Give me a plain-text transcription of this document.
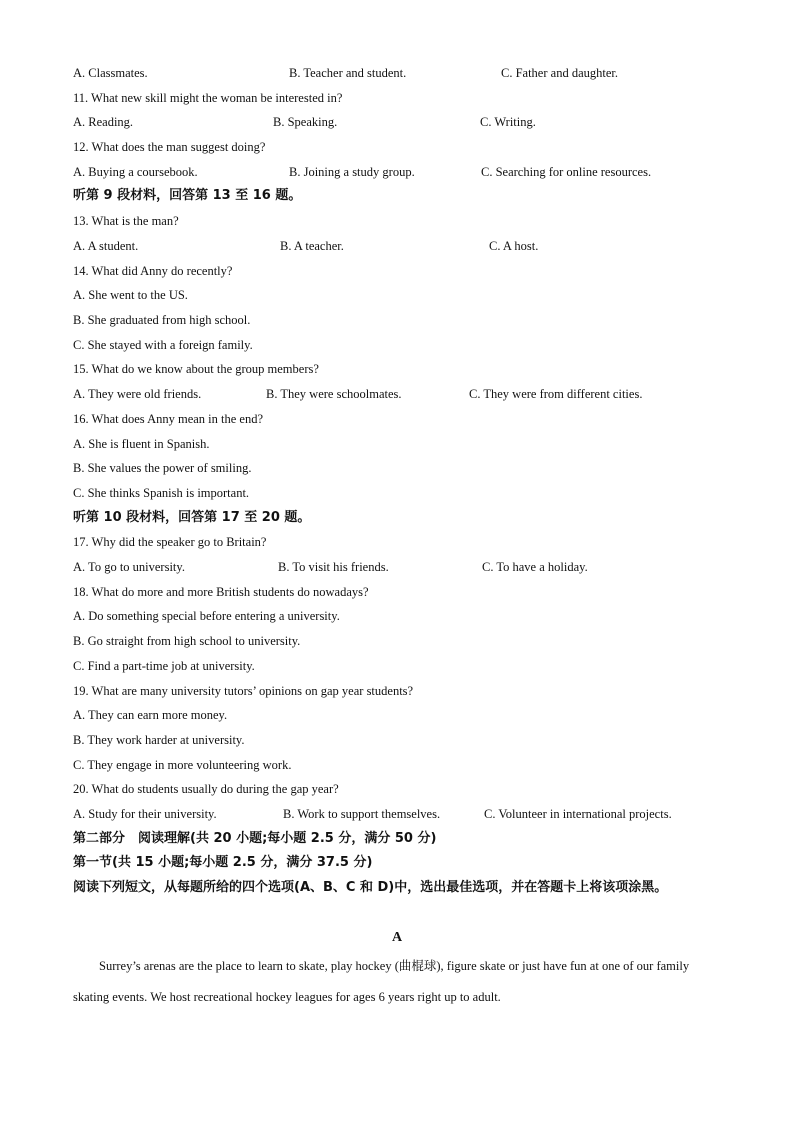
A. Classmates.	B. Teacher and student.	C. Father and daughter.
11. What new skill might the woman be interested in?
A. Reading.	B. Speaking.	C. Writing.
12. What does the man suggest doing?
A. Buying a coursebook.	B. Joining a study group.	C. Searching for online resources.
听第 9 段材料，回答第 13 至 16 题。
13. What is the man?
A. A student.	B. A teacher.	C. A host.
14. What did Anny do recently?
A. She went to the US.
B. She graduated from high school.
C. She stayed with a foreign family.
15. What do we know about the group members?
A. They were old friends.	B. They were schoolmates.	C. They were from different cities.
16. What does Anny mean in the end?
A. She is fluent in Spanish.
B. She values the power of smiling.
C. She thinks Spanish is important.
听第 10 段材料，回答第 17 至 20 题。
17. Why did the speaker go to Britain?
A. To go to university.	B. To visit his friends.	C. To have a holiday.
18. What do more and more British students do nowadays?
A. Do something special before entering a university.
B. Go straight from high school to university.
C. Find a part-time job at university.
19. What are many university tutors’ opinions on gap year students?
A. They can earn more money.
B. They work harder at university.
C. They engage in more volunteering work.
20. What do students usually do during the gap year?
A. Study for their university.	B. Work to support themselves.	C. Volunteer in international projects.
第二部分　阅读理解(共 20 小题;每小题 2.5 分，满分 50 分)
第一节(共 15 小题;每小题 2.5 分，满分 37.5 分)
阅读下列短文，从每题所给的四个选项(A、B、C 和 D)中，选出最佳选项，并在答题卡上将该项涂黑。
A
Surrey’s arenas are the place to learn to skate, play hockey (曲棍球), figure skate or just have fun at one of our family skating events. We host recreational hockey leagues for ages 6 years right up to adult.
